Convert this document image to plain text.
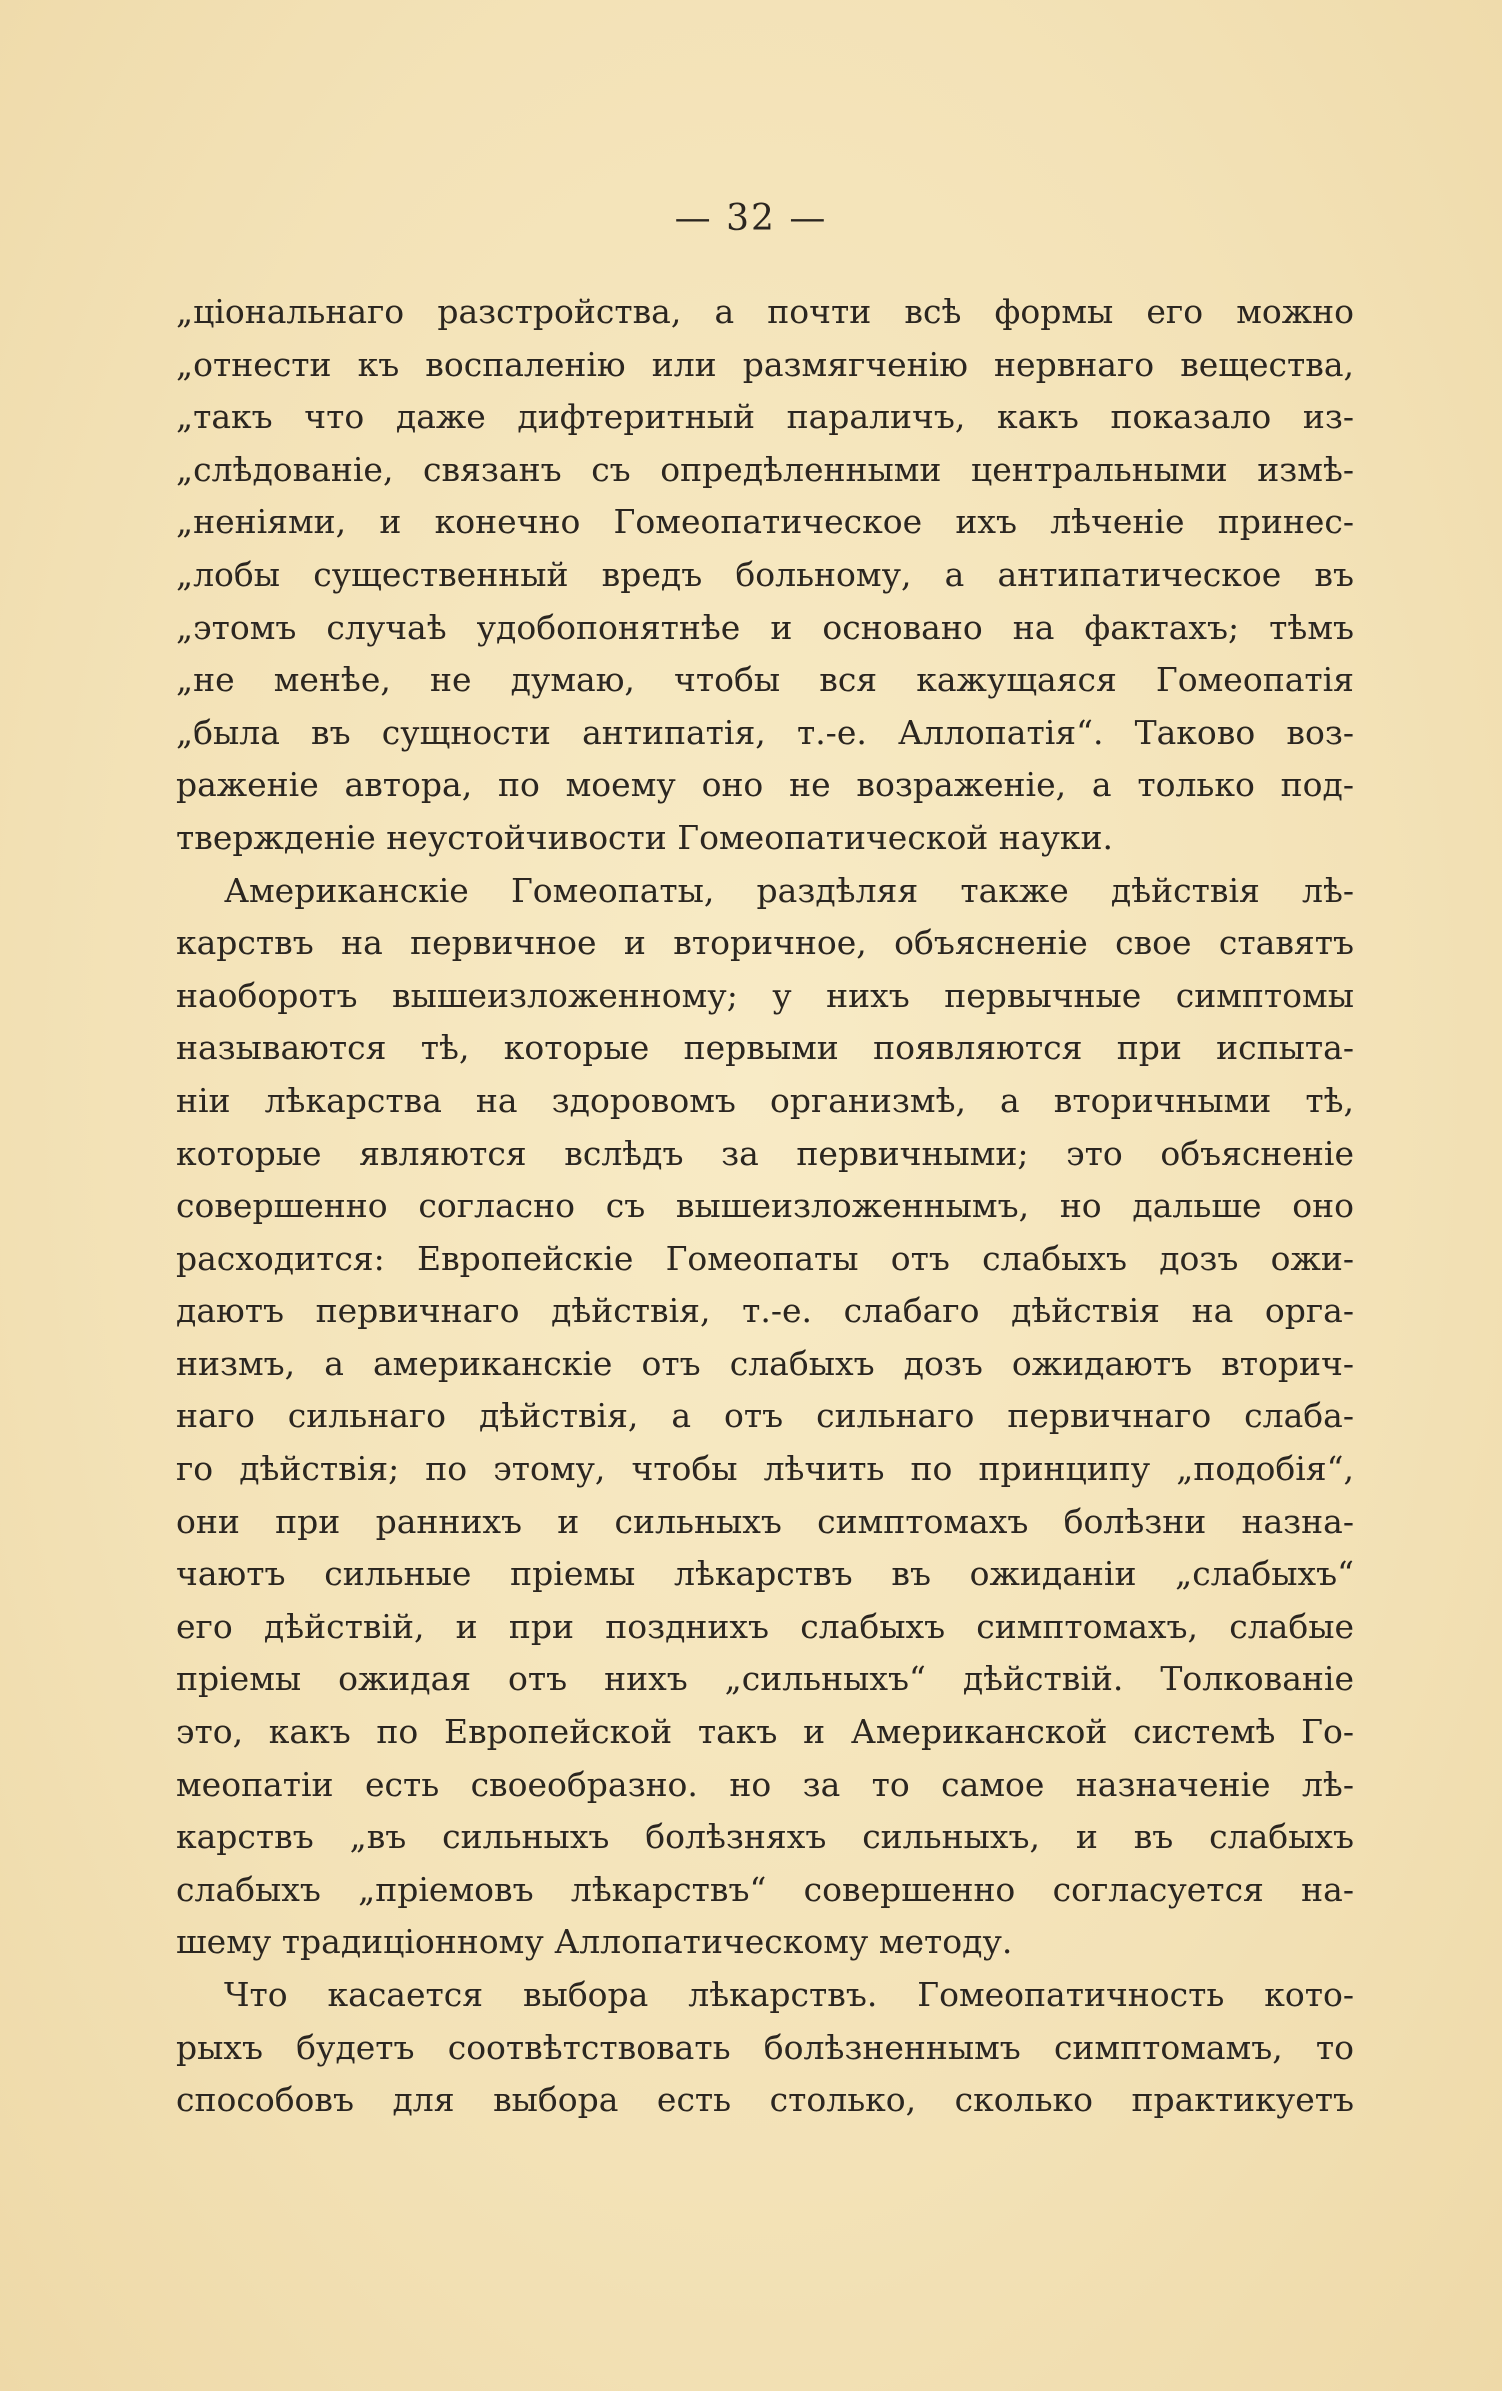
— 32 —
„ціональнаго разстройства, а почти всѣ формы его можно
„отнести къ воспаленію или размягченію нервнаго вещества,
„такъ что даже дифтеритный параличъ, какъ показало из-
„слѣдованіе, связанъ съ опредѣленными центральными измѣ-
„неніями, и конечно Гомеопатическое ихъ лѣченіе принес-
„лобы существенный вредъ больному, а антипатическое въ
„этомъ случаѣ удобопонятнѣе и основано на фактахъ; тѣмъ
„не менѣе, не думаю, чтобы вся кажущаяся Гомеопатія
„была въ сущности антипатія, т.-е. Аллопатія“. Таково воз-
раженіе автора, по моему оно не возраженіе, а только под-
твержденіе неустойчивости Гомеопатической науки.
Американскіе Гомеопаты, раздѣляя также дѣйствія лѣ-
карствъ на первичное и вторичное, объясненіе свое ставятъ
наоборотъ вышеизложенному; у нихъ первычные симптомы
называются тѣ, которые первыми появляются при испыта-
ніи лѣкарства на здоровомъ организмѣ, а вторичными тѣ,
которые являются вслѣдъ за первичными; это объясненіе
совершенно согласно съ вышеизложеннымъ, но дальше оно
расходится: Европейскіе Гомеопаты отъ слабыхъ дозъ ожи-
даютъ первичнаго дѣйствія, т.-е. слабаго дѣйствія на орга-
низмъ, а американскіе отъ слабыхъ дозъ ожидаютъ вторич-
наго сильнаго дѣйствія, а отъ сильнаго первичнаго слаба-
го дѣйствія; по этому, чтобы лѣчить по принципу „подобія“,
они при раннихъ и сильныхъ симптомахъ болѣзни назна-
чаютъ сильные пріемы лѣкарствъ въ ожиданіи „слабыхъ“
его дѣйствій, и при позднихъ слабыхъ симптомахъ, слабые
пріемы ожидая отъ нихъ „сильныхъ“ дѣйствій. Толкованіе
это, какъ по Европейской такъ и Американской системѣ Го-
меопатіи есть своеобразно. но за то самое назначеніе лѣ-
карствъ „въ сильныхъ болѣзняхъ сильныхъ, и въ слабыхъ
слабыхъ „пріемовъ лѣкарствъ“ совершенно согласуется на-
шему традиціонному Аллопатическому методу.
Что касается выбора лѣкарствъ. Гомеопатичность кото-
рыхъ будетъ соотвѣтствовать болѣзненнымъ симптомамъ, то
способовъ для выбора есть столько, сколько практикуетъ
